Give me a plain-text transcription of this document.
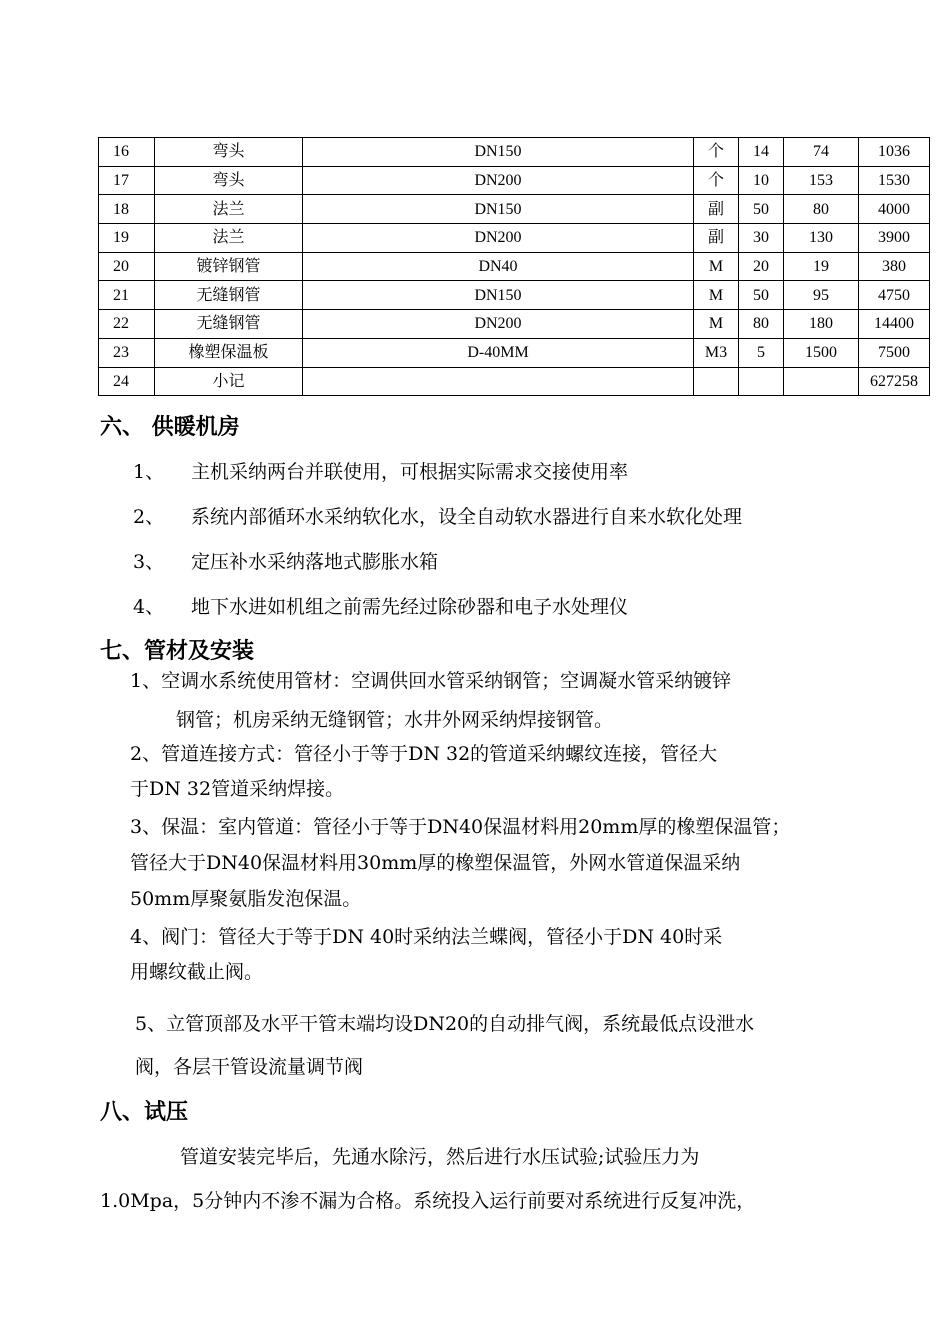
16	弯头	DN150	个	14	74	1036
17	弯头	DN200	个	10	153	1530
18	法兰	DN150	副	50	80	4000
19	法兰	DN200	副	30	130	3900
20	镀锌钢管	DN40	M	20	19	380
21	无缝钢管	DN150	M	50	95	4750
22	无缝钢管	DN200	M	80	180	14400
23	橡塑保温板	D-40MM	M3	5	1500	7500
24	小记					627258
六、 供暖机房
1、 主机采纳两台并联使用，可根据实际需求交接使用率
2、 系统内部循环水采纳软化水，设全自动软水器进行自来水软化处理
3、 定压补水采纳落地式膨胀水箱
4、 地下水进如机组之前需先经过除砂器和电子水处理仪
七、管材及安装
1、空调水系统使用管材：空调供回水管采纳钢管；空调凝水管采纳镀锌
钢管；机房采纳无缝钢管；水井外网采纳焊接钢管。
2、管道连接方式：管径小于等于DN 32的管道采纳螺纹连接，管径大
于DN 32管道采纳焊接。
3、保温：室内管道：管径小于等于DN40保温材料用20mm厚的橡塑保温管；
管径大于DN40保温材料用30mm厚的橡塑保温管，外网水管道保温采纳
50mm厚聚氨脂发泡保温。
4、阀门：管径大于等于DN 40时采纳法兰蝶阀，管径小于DN 40时采
用螺纹截止阀。
5、立管顶部及水平干管末端均设DN20的自动排气阀，系统最低点设泄水
阀，各层干管设流量调节阀
八、试压
管道安装完毕后，先通水除污，然后进行水压试验;试验压力为
1.0Mpa，5分钟内不渗不漏为合格。系统投入运行前要对系统进行反复冲洗，
